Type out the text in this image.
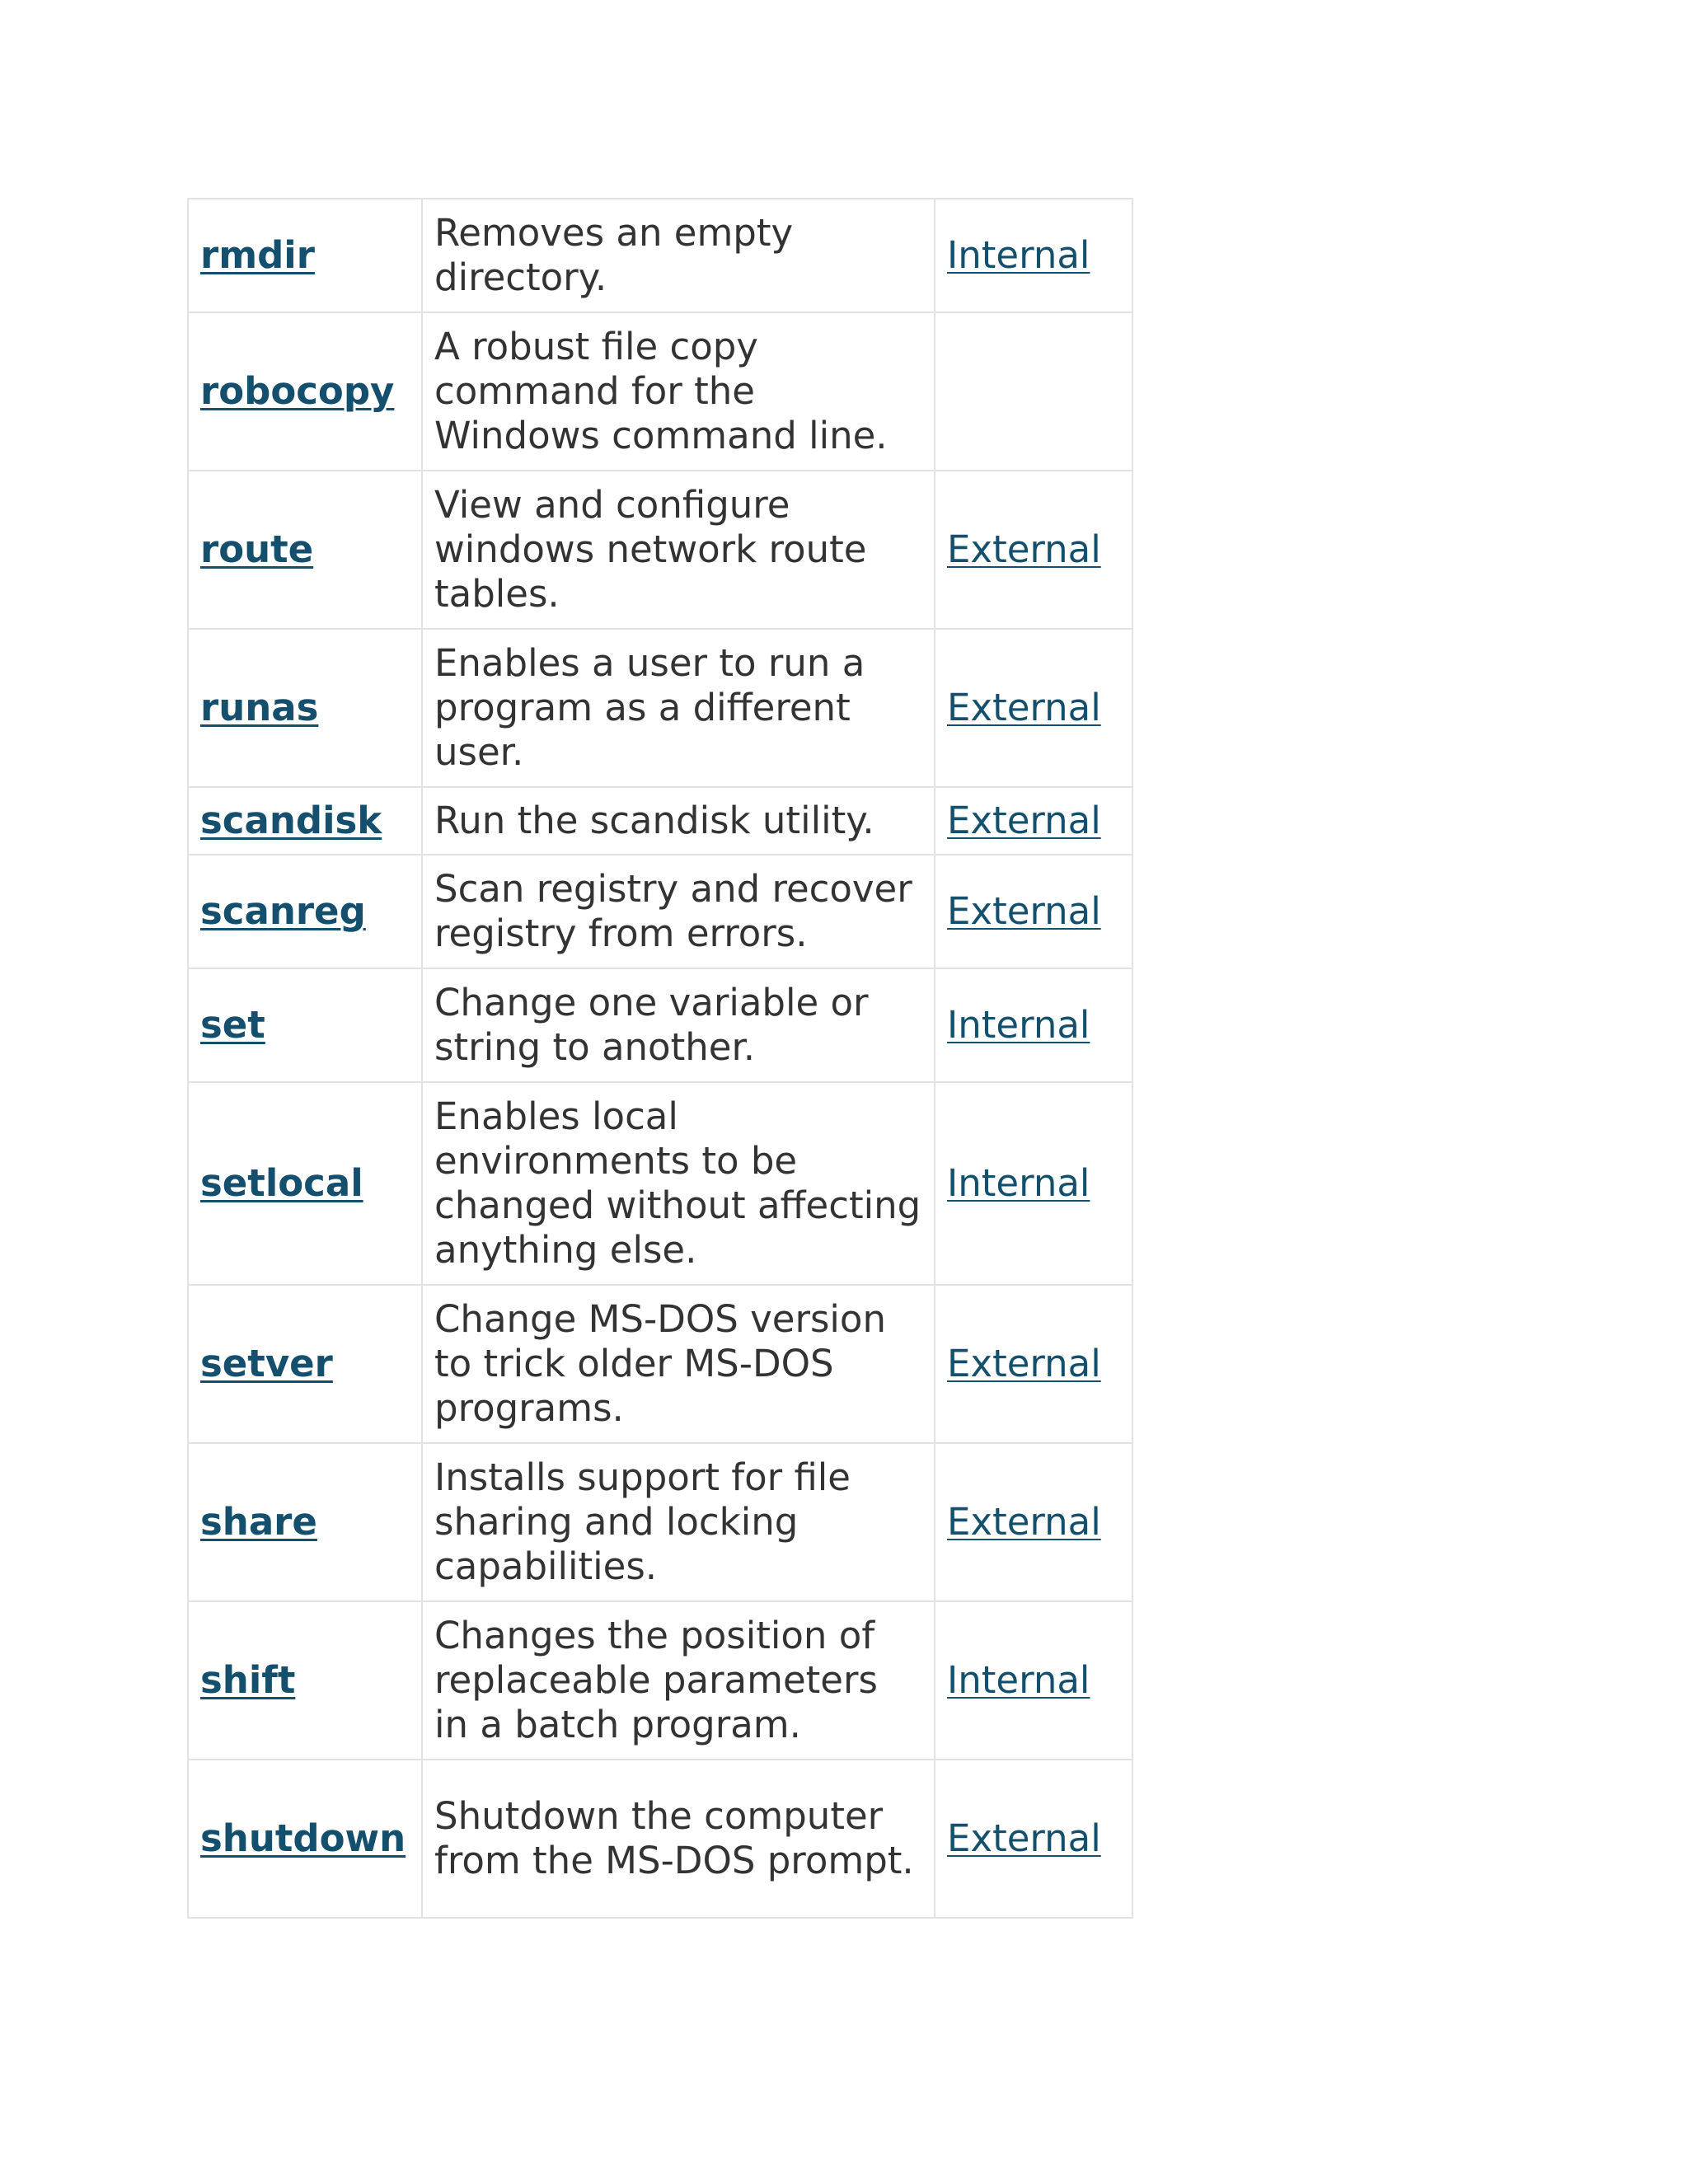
rmdir	Removes an empty directory.	Internal
robocopy	A robust file copy command for the Windows command line.	
route	View and configure windows network route tables.	External
runas	Enables a user to run a program as a different user.	External
scandisk	Run the scandisk utility.	External
scanreg	Scan registry and recover registry from errors.	External
set	Change one variable or string to another.	Internal
setlocal	Enables local environments to be changed without affecting anything else.	Internal
setver	Change MS-DOS version to trick older MS-DOS programs.	External
share	Installs support for file sharing and locking capabilities.	External
shift	Changes the position of replaceable parameters in a batch program.	Internal
shutdown	Shutdown the computer from the MS-DOS prompt.	External
